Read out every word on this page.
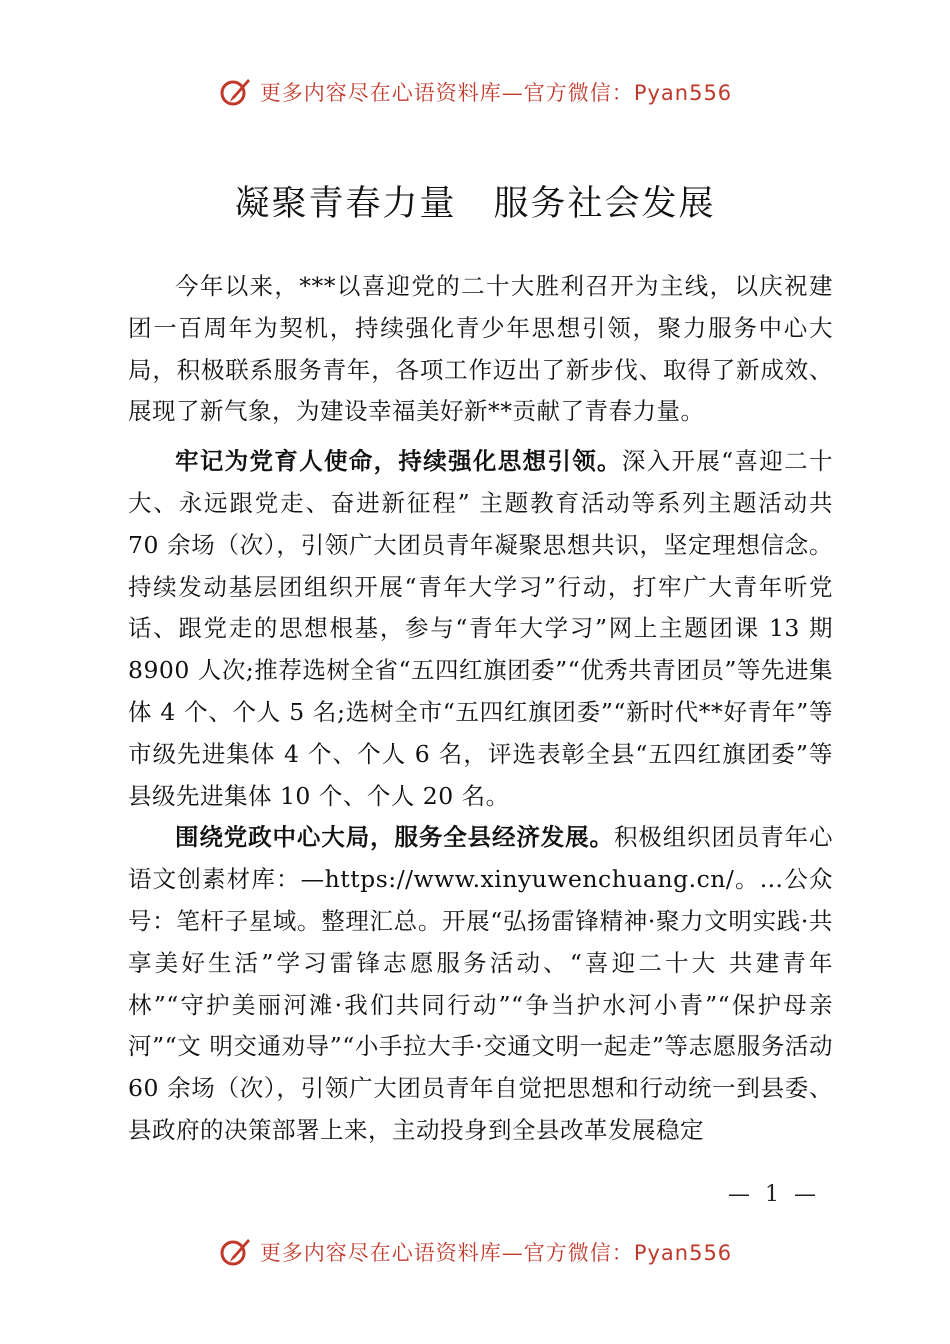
更多内容尽在心语资料库—官方微信：Pyan556
凝聚青春力量　服务社会发展

今年以来，***以喜迎党的二十大胜利召开为主线，以庆祝建团一百周年为契机，持续强化青少年思想引领，聚力服务中心大局，积极联系服务青年，各项工作迈出了新步伐、取得了新成效、展现了新气象，为建设幸福美好新**贡献了青春力量。

牢记为党育人使命，持续强化思想引领。深入开展“喜迎二十大、永远跟党走、奋进新征程” 主题教育活动等系列主题活动共 70 余场（次），引领广大团员青年凝聚思想共识，坚定理想信念。持续发动基层团组织开展“青年大学习”行动，打牢广大青年听党话、跟党走的思想根基，参与“青年大学习”网上主题团课 13 期 8900 人次;推荐选树全省“五四红旗团委”“优秀共青团员”等先进集体 4 个、个人 5 名;选树全市“五四红旗团委”“新时代**好青年”等市级先进集体 4 个、个人 6 名，评选表彰全县“五四红旗团委”等县级先进集体 10 个、个人 20 名。

围绕党政中心大局，服务全县经济发展。积极组织团员青年心语文创素材库：—https://www.xinyuwenchuang.cn/。…公众号：笔杆子星域。整理汇总。开展“弘扬雷锋精神·聚力文明实践·共享美好生活”学习雷锋志愿服务活动、“喜迎二十大 共建青年林”“守护美丽河滩·我们共同行动”“争当护水河小青”“保护母亲河”“文 明交通劝导”“小手拉大手·交通文明一起走”等志愿服务活动 60 余场（次），引领广大团员青年自觉把思想和行动统一到县委、县政府的决策部署上来，主动投身到全县改革发展稳定

— 1 —
更多内容尽在心语资料库—官方微信：Pyan556
